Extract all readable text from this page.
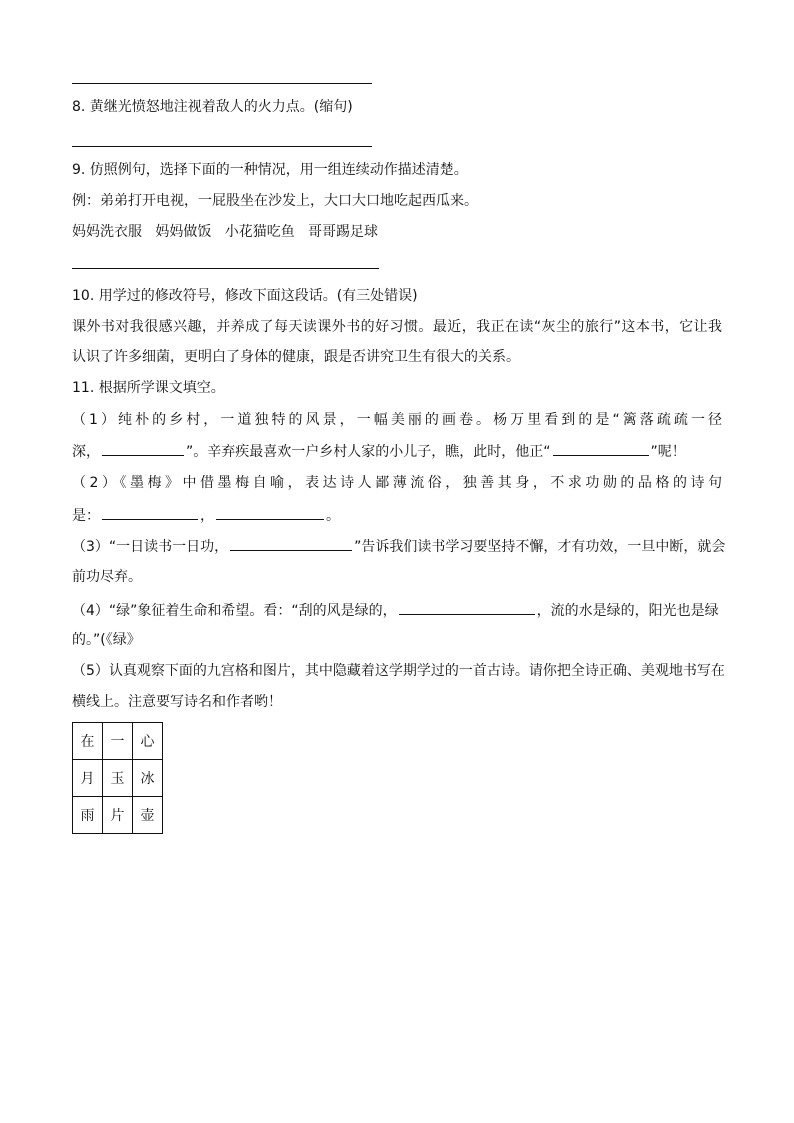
8. 黄继光愤怒地注视着敌人的火力点。(缩句)
9. 仿照例句，选择下面的一种情况，用一组连续动作描述清楚。
例：弟弟打开电视，一屁股坐在沙发上，大口大口地吃起西瓜来。
妈妈洗衣服   妈妈做饭   小花猫吃鱼   哥哥踢足球
10. 用学过的修改符号，修改下面这段话。(有三处错误)
课外书对我很感兴趣，并养成了每天读课外书的好习惯。最近，我正在读“灰尘的旅行”这本书，它让我
认识了许多细菌，更明白了身体的健康，跟是否讲究卫生有很大的关系。
11. 根据所学课文填空。
（1）纯朴的乡村，一道独特的风景，一幅美丽的画卷。杨万里看到的是“篱落疏疏一径
深，	”。辛弃疾最喜欢一户乡村人家的小儿子，瞧，此时，他正“	”呢！
（2）《墨梅》中借墨梅自喻，表达诗人鄙薄流俗，独善其身，不求功勋的品格的诗句
是：	，	。
（3）“一日读书一日功，	”告诉我们读书学习要坚持不懈，才有功效，一旦中断，就会
前功尽弃。
（4）“绿”象征着生命和希望。看：“刮的风是绿的，	，流的水是绿的，阳光也是绿
的。”(《绿》
（5）认真观察下面的九宫格和图片，其中隐藏着这学期学过的一首古诗。请你把全诗正确、美观地书写在
横线上。注意要写诗名和作者哟！
在	一	心
月	玉	冰
雨	片	壶
